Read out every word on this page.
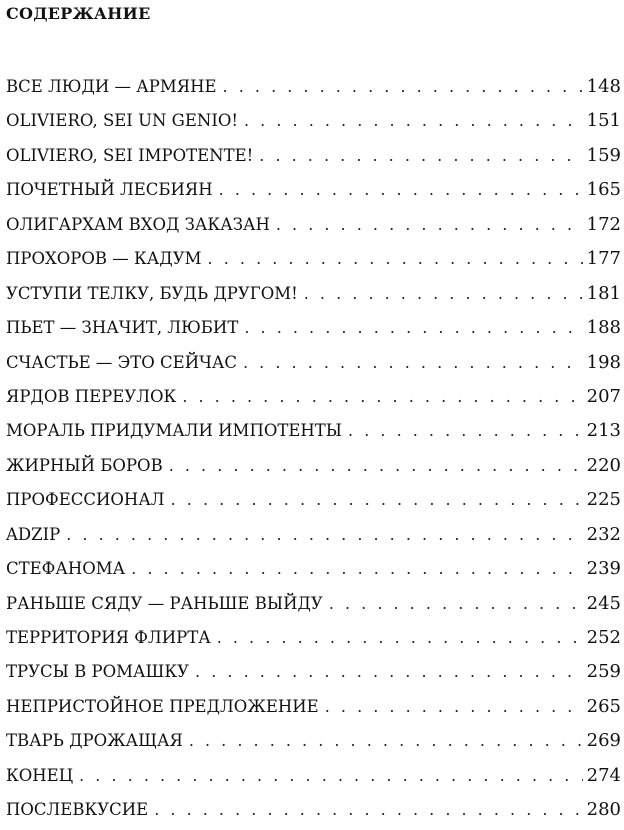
СОДЕРЖАНИЕ
ВСЕ ЛЮДИ — АРМЯНЕ . . .	148
OLIVIERO, SEI UN GENIO! . . .	151
OLIVIERO, SEI IMPOTENTE! . . .	159
ПОЧЕТНЫЙ ЛЕСБИЯН . . .	165
ОЛИГАРХАМ ВХОД ЗАКАЗАН . . .	172
ПРОХОРОВ — КАДУМ . . .	177
УСТУПИ ТЕЛКУ, БУДЬ ДРУГОМ! . . .	181
ПЬЕТ — ЗНАЧИТ, ЛЮБИТ . . .	188
СЧАСТЬЕ — ЭТО СЕЙЧАС . . .	198
ЯРДОВ ПЕРЕУЛОК . . .	207
МОРАЛЬ ПРИДУМАЛИ ИМПОТЕНТЫ . . .	213
ЖИРНЫЙ БОРОВ . . .	220
ПРОФЕССИОНАЛ . . .	225
ADZIP . . .	232
СТЕФАНОМА . . .	239
РАНЬШЕ СЯДУ — РАНЬШЕ ВЫЙДУ . . .	245
ТЕРРИТОРИЯ ФЛИРТА . . .	252
ТРУСЫ В РОМАШКУ . . .	259
НЕПРИСТОЙНОЕ ПРЕДЛОЖЕНИЕ . . .	265
ТВАРЬ ДРОЖАЩАЯ . . .	269
КОНЕЦ . . .	274
ПОСЛЕВКУСИЕ . . .	280
